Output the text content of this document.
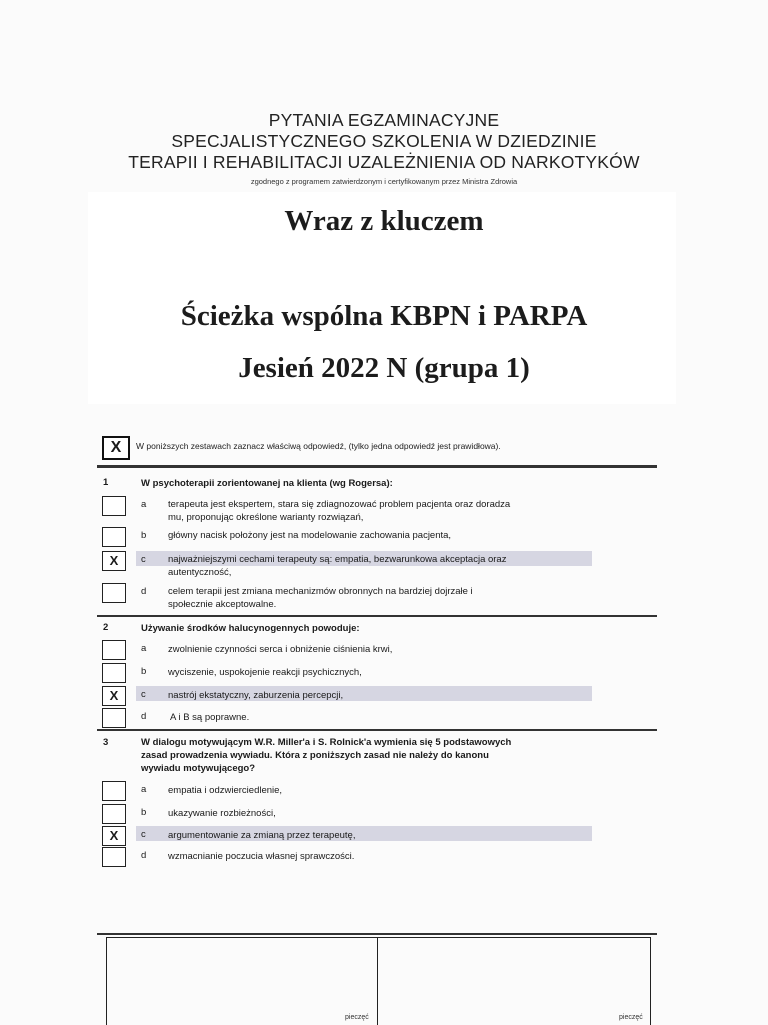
PYTANIA EGZAMINACYJNE
SPECJALISTYCZNEGO SZKOLENIA W DZIEDZINIE
TERAPII I REHABILITACJI UZALEŻNIENIA OD NARKOTYKÓW
zgodnego z programem zatwierdzonym i certyfikowanym przez Ministra Zdrowia
Wraz z kluczem
Ścieżka wspólna KBPN i PARPA
Jesień 2022 N (grupa 1)
X	W poniższych zestawach zaznacz właściwą odpowiedź, (tylko jedna odpowiedź jest prawidłowa).
1	W psychoterapii zorientowanej na klienta (wg Rogersa):
a terapeuta jest ekspertem, stara się zdiagnozować problem pacjenta oraz doradza
mu, proponując określone warianty rozwiązań,
b główny nacisk położony jest na modelowanie zachowania pacjenta,
X	c najważniejszymi cechami terapeuty są: empatia, bezwarunkowa akceptacja oraz
autentyczność,
d celem terapii jest zmiana mechanizmów obronnych na bardziej dojrzałe i
społecznie akceptowalne.
2	Używanie środków halucynogennych powoduje:
a zwolnienie czynności serca i obniżenie ciśnienia krwi,
b wyciszenie, uspokojenie reakcji psychicznych,
X	c nastrój ekstatyczny, zaburzenia percepcji,
d A i B są poprawne.
3	W dialogu motywującym W.R. Miller'a i S. Rolnick'a wymienia się 5 podstawowych
zasad prowadzenia wywiadu. Która z poniższych zasad nie należy do kanonu
wywiadu motywującego?
a empatia i odzwierciedlenie,
b ukazywanie rozbieżności,
X	c argumentowanie za zmianą przez terapeutę,
d wzmacnianie poczucia własnej sprawczości.
pieczęć	pieczęć
